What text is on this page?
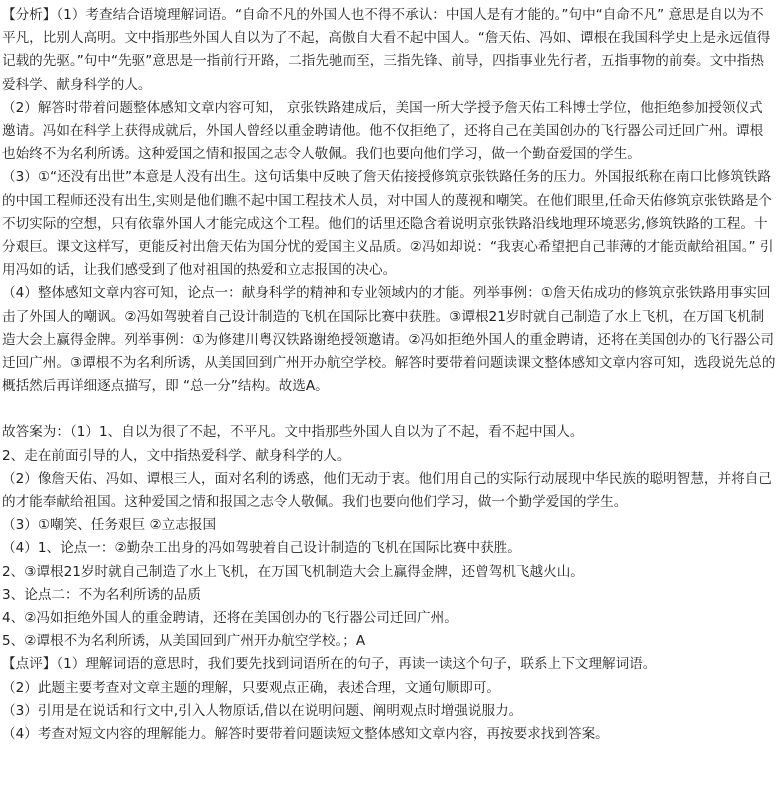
【分析】（1）考查结合语境理解词语。“自命不凡的外国人也不得不承认：中国人是有才能的。”句中“自命不凡” 意思是自以为不平凡，比别人高明。文中指那些外国人自以为了不起，高傲自大看不起中国人。“詹天佑、冯如、谭根在我国科学史上是永远值得记载的先驱。”句中“先驱”意思是一指前行开路，二指先驰而至，三指先锋、前导，四指事业先行者，五指事物的前奏。文中指热爱科学、献身科学的人。

（2）解答时带着问题整体感知文章内容可知， 京张铁路建成后，美国一所大学授予詹天佑工科博士学位，他拒绝参加授领仪式邀请。冯如在科学上获得成就后，外国人曾经以重金聘请他。他不仅拒绝了，还将自己在美国创办的飞行器公司迁回广州。谭根也始终不为名利所诱。这种爱国之情和报国之志令人敬佩。我们也要向他们学习，做一个勤奋爱国的学生。

（3）①“还没有出世”本意是人没有出生。这句话集中反映了詹天佑接授修筑京张铁路任务的压力。外国报纸称在南口比修筑铁路的中国工程师还没有出生,实则是他们瞧不起中国工程技术人员，对中国人的蔑视和嘲笑。在他们眼里,任命天佑修筑京张铁路是个不切实际的空想，只有依靠外国人才能完成这个工程。他们的话里还隐含着说明京张铁路沿线地理环境恶劣,修筑铁路的工程。十分艰巨。课文这样写，更能反衬出詹天佑为国分忧的爱国主义品质。②冯如却说：“我衷心希望把自己菲薄的才能贡献给祖国。” 引用冯如的话，让我们感受到了他对祖国的热爱和立志报国的决心。

（4）整体感知文章内容可知，论点一：献身科学的精神和专业领域内的才能。列举事例：①詹天佑成功的修筑京张铁路用事实回击了外国人的嘲讽。②冯如驾驶着自己设计制造的飞机在国际比赛中获胜。③谭根21岁时就自己制造了水上飞机，在万国飞机制造大会上赢得金牌。列举事例：①为修建川粤汉铁路谢绝授领邀请。②冯如拒绝外国人的重金聘请，还将在美国创办的飞行器公司迁回广州。③谭根不为名利所诱，从美国回到广州开办航空学校。解答时要带着问题读课文整体感知文章内容可知，选段说先总的概括然后再详细逐点描写，即 “总一分”结构。故选A。

故答案为：（1）1、自以为很了不起，不平凡。文中指那些外国人自以为了不起，看不起中国人。

2、走在前面引导的人，文中指热爱科学、献身科学的人。

（2）像詹天佑、冯如、谭根三人，面对名利的诱惑，他们无动于衷。他们用自己的实际行动展现中华民族的聪明智慧，并将自己的才能奉献给祖国。这种爱国之情和报国之志令人敬佩。我们也要向他们学习，做一个勤学爱国的学生。

（3）①嘲笑、任务艰巨 ②立志报国

（4）1、论点一：②勤杂工出身的冯如驾驶着自己设计制造的飞机在国际比赛中获胜。

2、③谭根21岁时就自己制造了水上飞机，在万国飞机制造大会上赢得金牌，还曾驾机飞越火山。

3、论点二：不为名利所诱的品质

4、②冯如拒绝外国人的重金聘请，还将在美国创办的飞行器公司迁回广州。

5、②谭根不为名利所诱，从美国回到广州开办航空学校。；A

【点评】（1）理解词语的意思时，我们要先找到词语所在的句子，再读一读这个句子，联系上下文理解词语。

（2）此题主要考查对文章主题的理解，只要观点正确，表述合理，文通句顺即可。

（3）引用是在说话和行文中,引入人物原话,借以在说明问题、阐明观点时增强说服力。

（4）考查对短文内容的理解能力。解答时要带着问题读短文整体感知文章内容，再按要求找到答案。
